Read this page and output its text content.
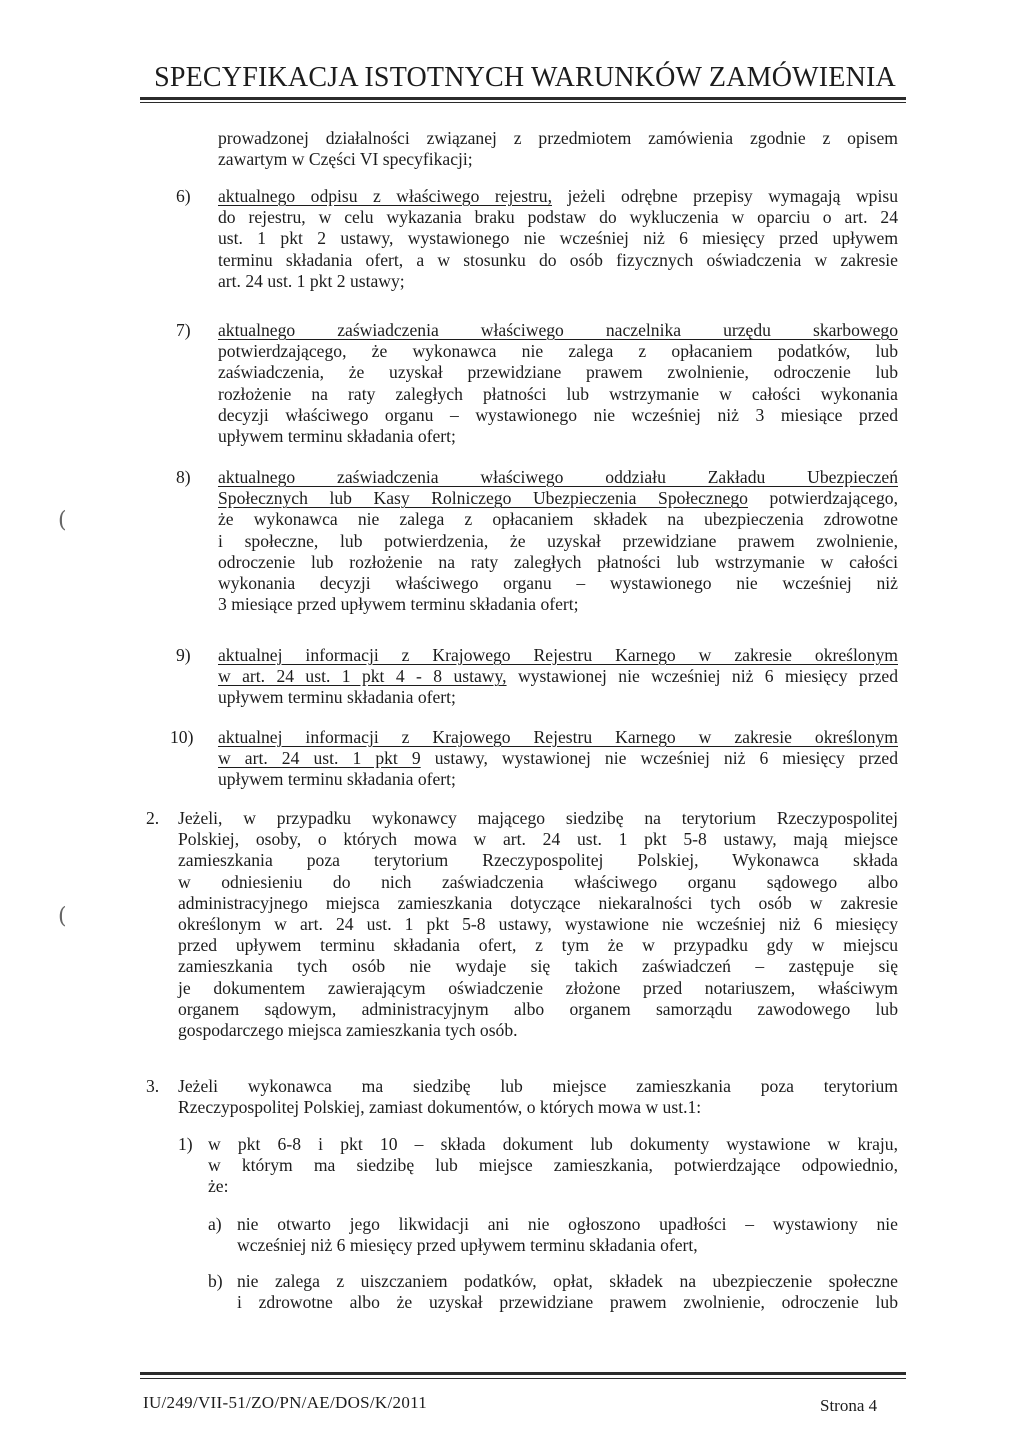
SPECYFIKACJA ISTOTNYCH WARUNKÓW ZAMÓWIENIA
prowadzonej działalności związanej z przedmiotem zamówienia zgodnie z opisem
zawartym w Części VI specyfikacji;
6) aktualnego odpisu z właściwego rejestru, jeżeli odrębne przepisy wymagają wpisu
do rejestru, w celu wykazania braku podstaw do wykluczenia w oparciu o art. 24
ust. 1 pkt 2 ustawy, wystawionego nie wcześniej niż 6 miesięcy przed upływem
terminu składania ofert, a w stosunku do osób fizycznych oświadczenia w zakresie
art. 24 ust. 1 pkt 2 ustawy;
7) aktualnego zaświadczenia właściwego naczelnika urzędu skarbowego
potwierdzającego, że wykonawca nie zalega z opłacaniem podatków, lub
zaświadczenia, że uzyskał przewidziane prawem zwolnienie, odroczenie lub
rozłożenie na raty zaległych płatności lub wstrzymanie w całości wykonania
decyzji właściwego organu – wystawionego nie wcześniej niż 3 miesiące przed
upływem terminu składania ofert;
8) aktualnego zaświadczenia właściwego oddziału Zakładu Ubezpieczeń
Społecznych lub Kasy Rolniczego Ubezpieczenia Społecznego potwierdzającego,
że wykonawca nie zalega z opłacaniem składek na ubezpieczenia zdrowotne
i społeczne, lub potwierdzenia, że uzyskał przewidziane prawem zwolnienie,
odroczenie lub rozłożenie na raty zaległych płatności lub wstrzymanie w całości
wykonania decyzji właściwego organu – wystawionego nie wcześniej niż
3 miesiące przed upływem terminu składania ofert;
9) aktualnej informacji z Krajowego Rejestru Karnego w zakresie określonym
w art. 24 ust. 1 pkt 4 - 8 ustawy, wystawionej nie wcześniej niż 6 miesięcy przed
upływem terminu składania ofert;
10) aktualnej informacji z Krajowego Rejestru Karnego w zakresie określonym
w art. 24 ust. 1 pkt 9 ustawy, wystawionej nie wcześniej niż 6 miesięcy przed
upływem terminu składania ofert;
2. Jeżeli, w przypadku wykonawcy mającego siedzibę na terytorium Rzeczypospolitej
Polskiej, osoby, o których mowa w art. 24 ust. 1 pkt 5-8 ustawy, mają miejsce
zamieszkania poza terytorium Rzeczypospolitej Polskiej, Wykonawca składa
w odniesieniu do nich zaświadczenia właściwego organu sądowego albo
administracyjnego miejsca zamieszkania dotyczące niekaralności tych osób w zakresie
określonym w art. 24 ust. 1 pkt 5-8 ustawy, wystawione nie wcześniej niż 6 miesięcy
przed upływem terminu składania ofert, z tym że w przypadku gdy w miejscu
zamieszkania tych osób nie wydaje się takich zaświadczeń – zastępuje się
je dokumentem zawierającym oświadczenie złożone przed notariuszem, właściwym
organem sądowym, administracyjnym albo organem samorządu zawodowego lub
gospodarczego miejsca zamieszkania tych osób.
3. Jeżeli wykonawca ma siedzibę lub miejsce zamieszkania poza terytorium
Rzeczypospolitej Polskiej, zamiast dokumentów, o których mowa w ust.1:
1) w pkt 6-8 i pkt 10 – składa dokument lub dokumenty wystawione w kraju,
w którym ma siedzibę lub miejsce zamieszkania, potwierdzające odpowiednio,
że:
a) nie otwarto jego likwidacji ani nie ogłoszono upadłości – wystawiony nie
wcześniej niż 6 miesięcy przed upływem terminu składania ofert,
b) nie zalega z uiszczaniem podatków, opłat, składek na ubezpieczenie społeczne
i zdrowotne albo że uzyskał przewidziane prawem zwolnienie, odroczenie lub
IU/249/VII-51/ZO/PN/AE/DOS/K/2011	Strona 4
(
(
